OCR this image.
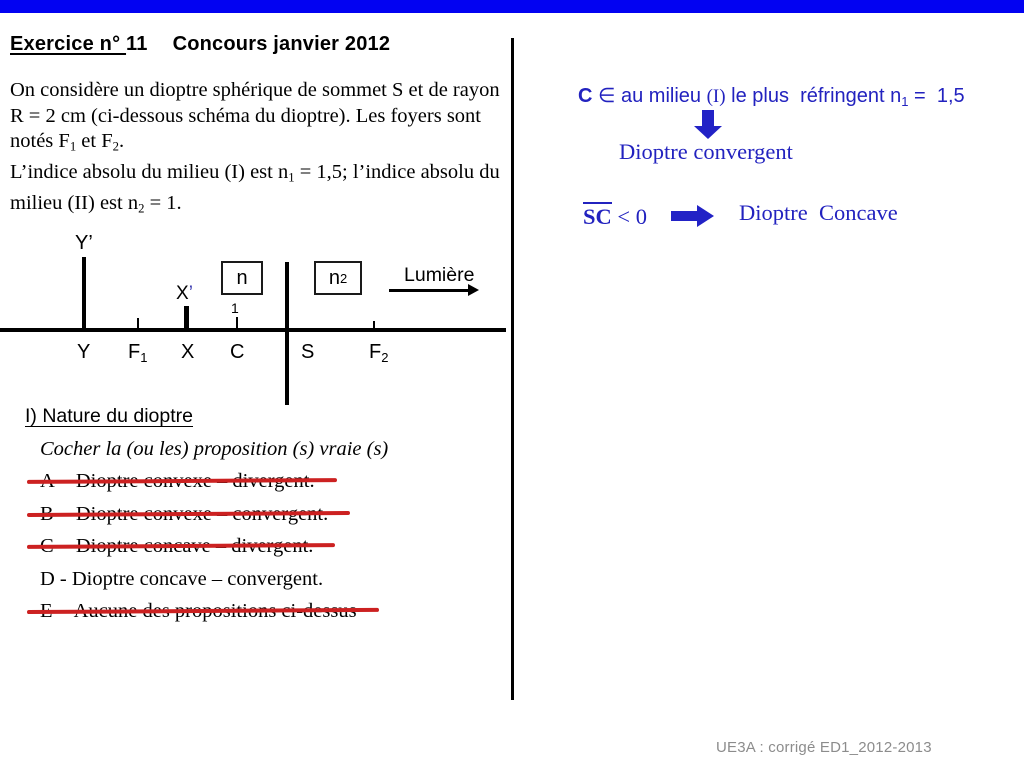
Exercice n° 11 Concours janvier 2012
On considère un dioptre sphérique de sommet S et de rayon
R = 2 cm (ci-dessous schéma du dioptre). Les foyers sont
notés F1 et F2.
L’indice absolu du milieu (I) est n1 = 1,5; l’indice absolu du
milieu (II) est n2 = 1.
Y’
X’
n
1
n 2	Lumière
Y F1 X C	S	F2
I) Nature du dioptre
Cocher la (ou les) proposition (s) vraie (s)
D - Dioptre concave – convergent.
C ∈ au milieu (I) le plus  réfringent n1 =  1,5
Dioptre convergent
SC < 0	Dioptre  Concave
UE3A : corrigé ED1_2012-2013
